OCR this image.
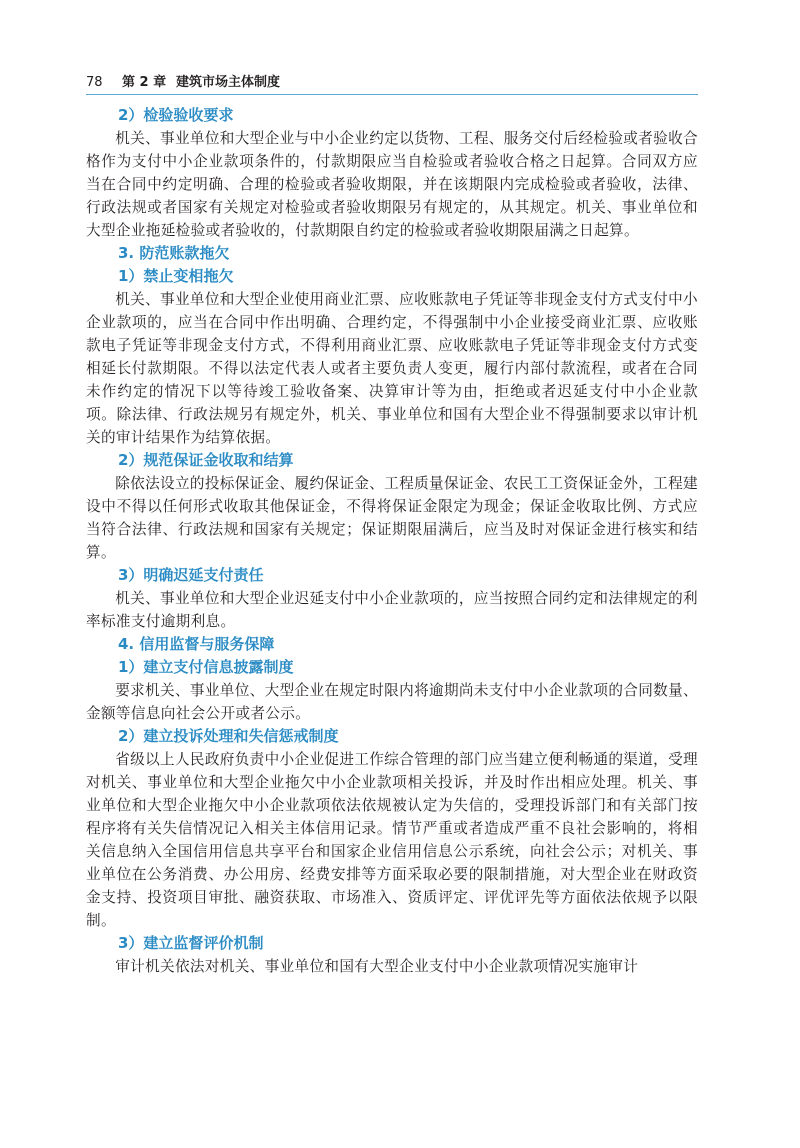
78 第 2 章 建筑市场主体制度
2）检验验收要求

机关、事业单位和大型企业与中小企业约定以货物、工程、服务交付后经检验或者验收合格作为支付中小企业款项条件的，付款期限应当自检验或者验收合格之日起算。合同双方应当在合同中约定明确、合理的检验或者验收期限，并在该期限内完成检验或者验收，法律、行政法规或者国家有关规定对检验或者验收期限另有规定的，从其规定。机关、事业单位和大型企业拖延检验或者验收的，付款期限自约定的检验或者验收期限届满之日起算。

3. 防范账款拖欠
1）禁止变相拖欠

机关、事业单位和大型企业使用商业汇票、应收账款电子凭证等非现金支付方式支付中小企业款项的，应当在合同中作出明确、合理约定，不得强制中小企业接受商业汇票、应收账款电子凭证等非现金支付方式，不得利用商业汇票、应收账款电子凭证等非现金支付方式变相延长付款期限。不得以法定代表人或者主要负责人变更，履行内部付款流程，或者在合同未作约定的情况下以等待竣工验收备案、决算审计等为由，拒绝或者迟延支付中小企业款项。除法律、行政法规另有规定外，机关、事业单位和国有大型企业不得强制要求以审计机关的审计结果作为结算依据。

2）规范保证金收取和结算

除依法设立的投标保证金、履约保证金、工程质量保证金、农民工工资保证金外，工程建设中不得以任何形式收取其他保证金，不得将保证金限定为现金；保证金收取比例、方式应当符合法律、行政法规和国家有关规定；保证期限届满后，应当及时对保证金进行核实和结算。

3）明确迟延支付责任

机关、事业单位和大型企业迟延支付中小企业款项的，应当按照合同约定和法律规定的利率标准支付逾期利息。

4. 信用监督与服务保障
1）建立支付信息披露制度

要求机关、事业单位、大型企业在规定时限内将逾期尚未支付中小企业款项的合同数量、金额等信息向社会公开或者公示。

2）建立投诉处理和失信惩戒制度

省级以上人民政府负责中小企业促进工作综合管理的部门应当建立便利畅通的渠道，受理对机关、事业单位和大型企业拖欠中小企业款项相关投诉，并及时作出相应处理。机关、事业单位和大型企业拖欠中小企业款项依法依规被认定为失信的，受理投诉部门和有关部门按程序将有关失信情况记入相关主体信用记录。情节严重或者造成严重不良社会影响的，将相关信息纳入全国信用信息共享平台和国家企业信用信息公示系统，向社会公示；对机关、事业单位在公务消费、办公用房、经费安排等方面采取必要的限制措施，对大型企业在财政资金支持、投资项目审批、融资获取、市场准入、资质评定、评优评先等方面依法依规予以限制。

3）建立监督评价机制

审计机关依法对机关、事业单位和国有大型企业支付中小企业款项情况实施审计
